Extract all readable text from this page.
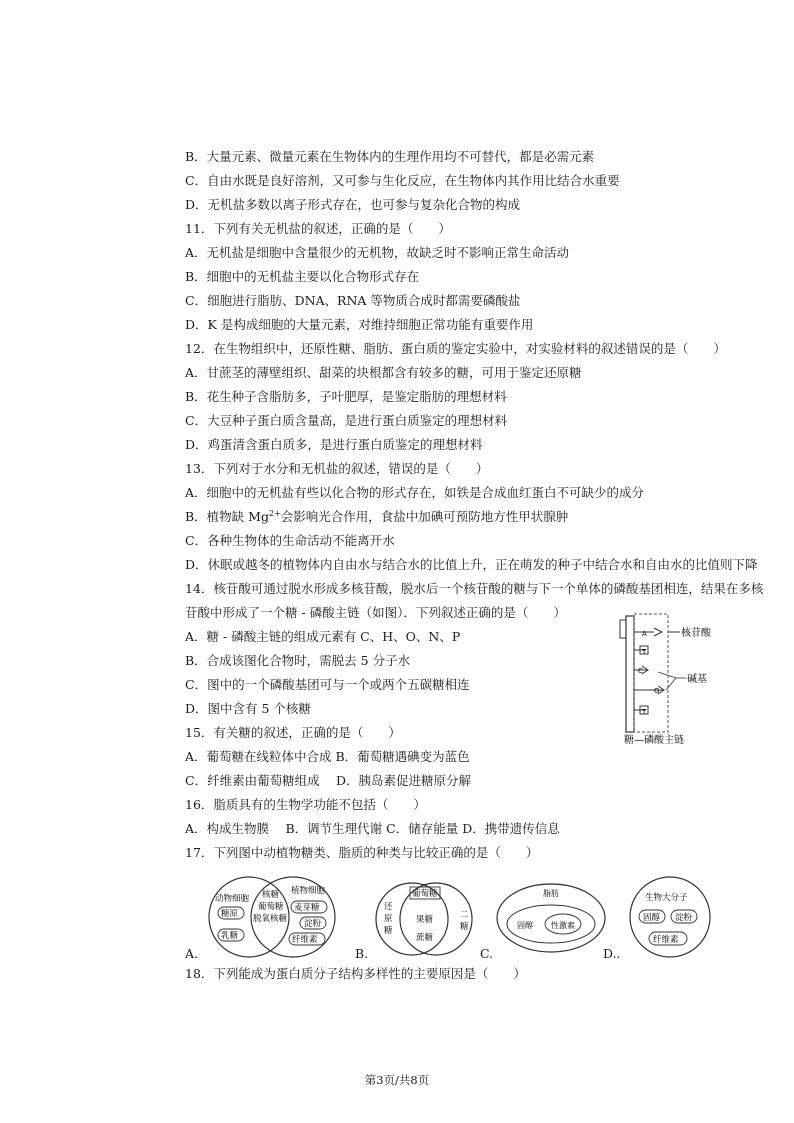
B．大量元素、微量元素在生物体内的生理作用均不可替代，都是必需元素
C．自由水既是良好溶剂，又可参与生化反应，在生物体内其作用比结合水重要
D．无机盐多数以离子形式存在，也可参与复杂化合物的构成
11．下列有关无机盐的叙述，正确的是（　　）
A．无机盐是细胞中含量很少的无机物，故缺乏时不影响正常生命活动
B．细胞中的无机盐主要以化合物形式存在
C．细胞进行脂肪、DNA、RNA 等物质合成时都需要磷酸盐
D．K 是构成细胞的大量元素，对维持细胞正常功能有重要作用
12．在生物组织中，还原性糖、脂肪、蛋白质的鉴定实验中，对实验材料的叙述错误的是（　　）
A．甘蔗茎的薄壁组织、甜菜的块根都含有较多的糖，可用于鉴定还原糖
B．花生种子含脂肪多，子叶肥厚，是鉴定脂肪的理想材料
C．大豆种子蛋白质含量高，是进行蛋白质鉴定的理想材料
D．鸡蛋清含蛋白质多，是进行蛋白质鉴定的理想材料
13．下列对于水分和无机盐的叙述，错误的是（　　）
A．细胞中的无机盐有些以化合物的形式存在，如铁是合成血红蛋白不可缺少的成分
B．植物缺 $Mg^{2+}$会影响光合作用，食盐中加碘可预防地方性甲状腺肿
C．各种生物体的生命活动不能离开水
D．休眠或越冬的植物体内自由水与结合水的比值上升，正在萌发的种子中结合水和自由水的比值则下降
14．核苷酸可通过脱水形成多核苷酸，脱水后一个核苷酸的糖与下一个单体的磷酸基团相连，结果在多核
苷酸中形成了一个糖 - 磷酸主链（如图）．下列叙述正确的是（　　）
A．糖 - 磷酸主链的组成元素有 C、H、O、N、P
B．合成该图化合物时，需脱去 5 分子水
C．图中的一个磷酸基团可与一个或两个五碳糖相连
D．图中含有 5 个核糖
15．有关糖的叙述，正确的是（　　）
A．葡萄糖在线粒体中合成 B．葡萄糖遇碘变为蓝色
C．纤维素由葡萄糖组成　 D．胰岛素促进糖原分解
16．脂质具有的生物学功能不包括（　　）
A．构成生物膜　 B．调节生理代谢 C．储存能量 D．携带遗传信息
17．下列图中动植物糖类、脂质的种类与比较正确的是（　　）
18．下列能成为蛋白质分子结构多样性的主要原因是（　　）
A
T
C
G
T
核苷酸
碱基
糖—磷酸主链
A.	B.	C.	D..
动物细胞
植物细胞
核糖
葡萄糖
脱氧核糖
糖原
乳糖
麦芽糖
淀粉
纤维素
还原糖
二糖
葡萄糖
果糖
蔗糖
脂肪
固醇 性激素
生物大分子
固醇 淀粉
纤维素
第3页/共8页
